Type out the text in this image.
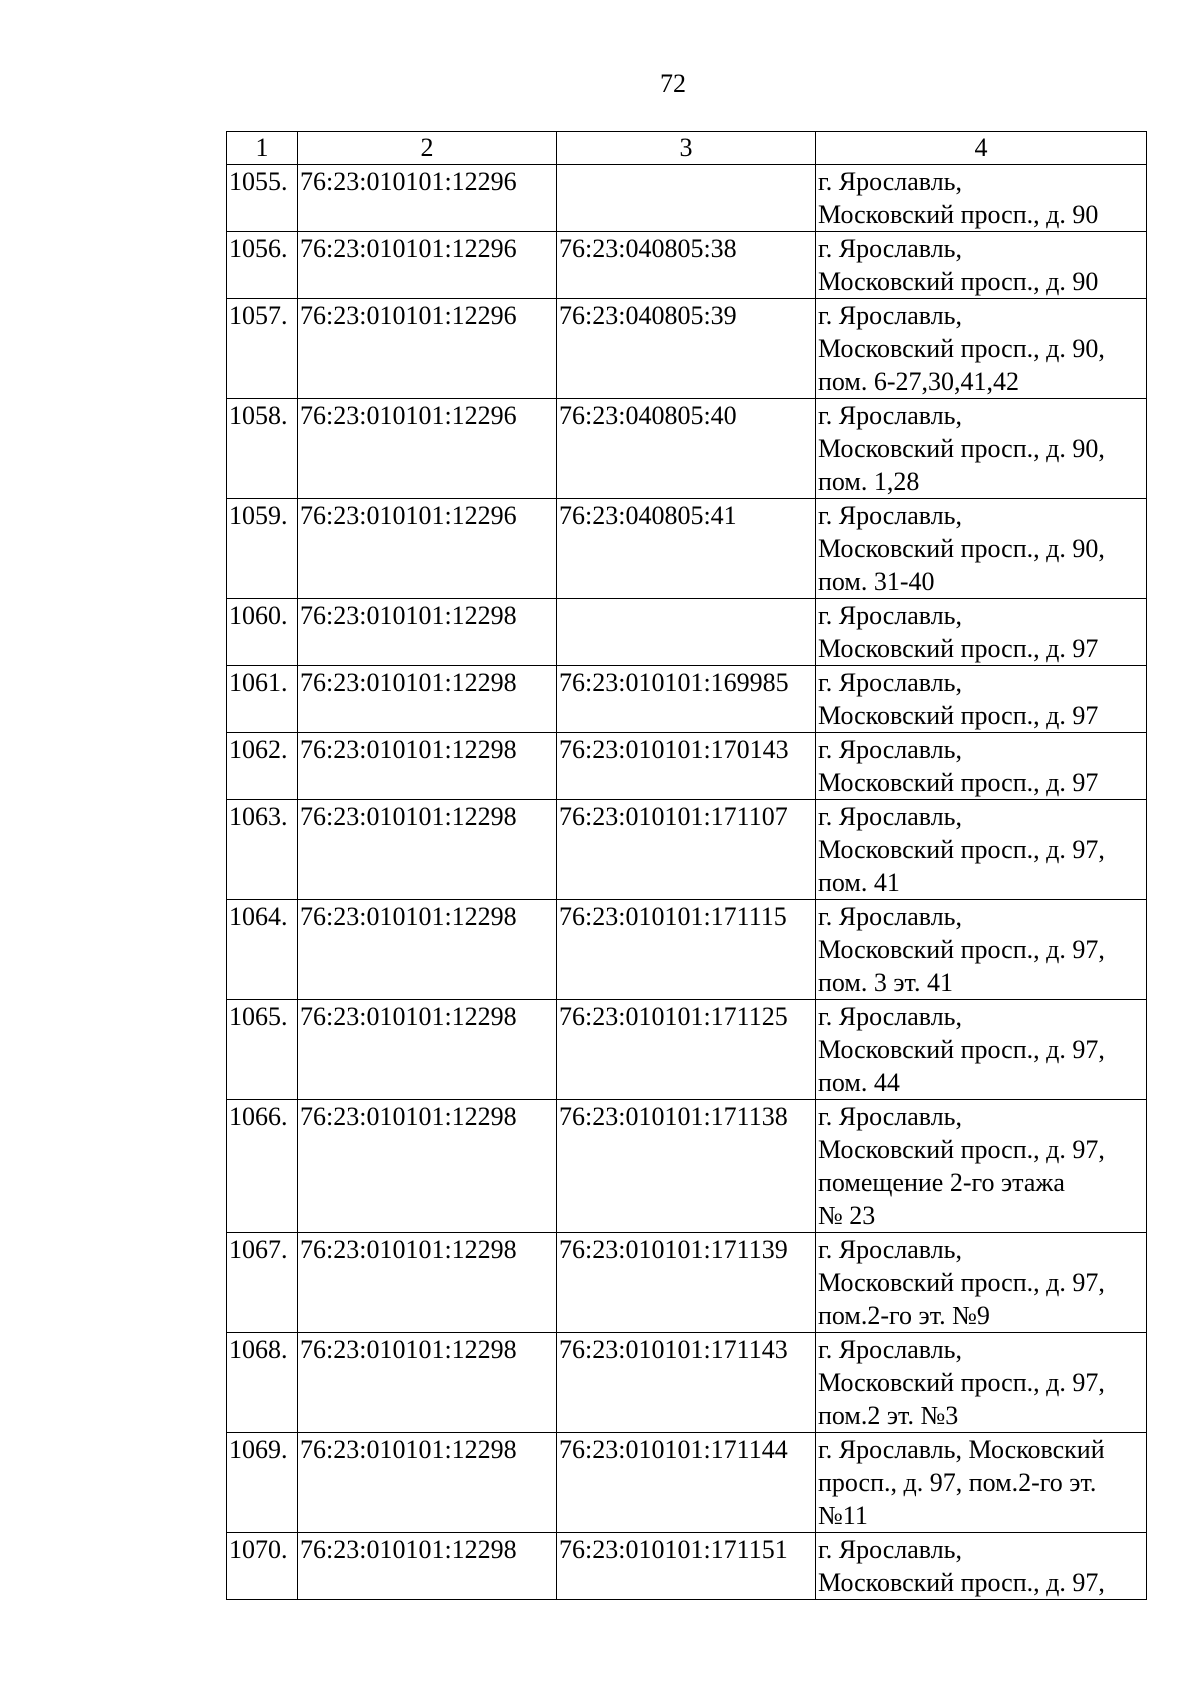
72
1	2	3	4
1055.	76:23:010101:12296		г. Ярославль,
Московский просп., д. 90

1056.	76:23:010101:12296	76:23:040805:38	г. Ярославль,
Московский просп., д. 90

1057.	76:23:010101:12296	76:23:040805:39	г. Ярославль,
Московский просп., д. 90,
пом. 6-27,30,41,42

1058.	76:23:010101:12296	76:23:040805:40	г. Ярославль,
Московский просп., д. 90,
пом. 1,28

1059.	76:23:010101:12296	76:23:040805:41	г. Ярославль,
Московский просп., д. 90,
пом. 31-40

1060.	76:23:010101:12298		г. Ярославль,
Московский просп., д. 97

1061.	76:23:010101:12298	76:23:010101:169985	г. Ярославль,
Московский просп., д. 97

1062.	76:23:010101:12298	76:23:010101:170143	г. Ярославль,
Московский просп., д. 97

1063.	76:23:010101:12298	76:23:010101:171107	г. Ярославль,
Московский просп., д. 97,
пом. 41

1064.	76:23:010101:12298	76:23:010101:171115	г. Ярославль,
Московский просп., д. 97,
пом. 3 эт. 41

1065.	76:23:010101:12298	76:23:010101:171125	г. Ярославль,
Московский просп., д. 97,
пом. 44

1066.	76:23:010101:12298	76:23:010101:171138	г. Ярославль,
Московский просп., д. 97,
помещение 2-го этажа
№ 23

1067.	76:23:010101:12298	76:23:010101:171139	г. Ярославль,
Московский просп., д. 97,
пом.2-го эт. №9

1068.	76:23:010101:12298	76:23:010101:171143	г. Ярославль,
Московский просп., д. 97,
пом.2 эт. №3

1069.	76:23:010101:12298	76:23:010101:171144	г. Ярославль, Московский
просп., д. 97, пом.2-го эт.
№11

1070.	76:23:010101:12298	76:23:010101:171151	г. Ярославль,
Московский просп., д. 97,
